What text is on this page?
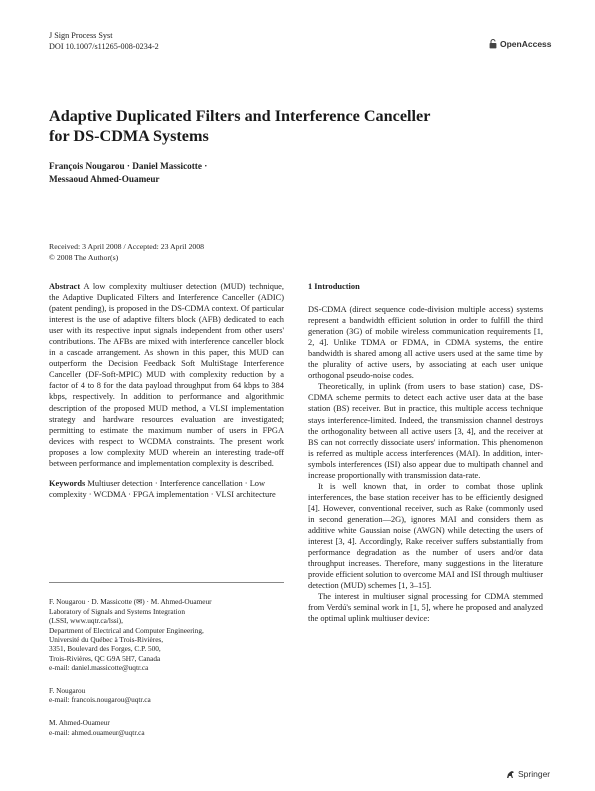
J Sign Process Syst
DOI 10.1007/s11265-008-0234-2	OpenAccess
Adaptive Duplicated Filters and Interference Canceller
for DS-CDMA Systems
François Nougarou · Daniel Massicotte ·
Messaoud Ahmed-Ouameur
Received: 3 April 2008 / Accepted: 23 April 2008
© 2008 The Author(s)

Abstract A low complexity multiuser detection (MUD) technique, the Adaptive Duplicated Filters and Interference Canceller (ADIC) (patent pending), is proposed in the DS-CDMA context. Of particular interest is the use of adaptive filters block (AFB) dedicated to each user with its respective input signals independent from other users' contributions. The AFBs are mixed with interference canceller block in a cascade arrangement. As shown in this paper, this MUD can outperform the Decision Feedback Soft MultiStage Interference Canceller (DF-Soft-MPIC) MUD with complexity reduction by a factor of 4 to 8 for the data payload throughput from 64 kbps to 384 kbps, respectively. In addition to performance and algorithmic description of the proposed MUD method, a VLSI implementation strategy and hardware resources evaluation are investigated; permitting to estimate the maximum number of users in FPGA devices with respect to WCDMA constraints. The present work proposes a low complexity MUD wherein an interesting trade-off between performance and implementation complexity is described.

Keywords Multiuser detection · Interference cancellation · Low complexity · WCDMA · FPGA implementation · VLSI architecture

F. Nougarou · D. Massicotte (✉) · M. Ahmed-Ouameur
Laboratory of Signals and Systems Integration
(LSSI, www.uqtr.ca/lssi),
Department of Electrical and Computer Engineering,
Université du Québec à Trois-Rivières,
3351, Boulevard des Forges, C.P. 500,
Trois-Rivières, QC G9A 5H7, Canada
e-mail: daniel.massicotte@uqtr.ca

F. Nougarou
e-mail: francois.nougarou@uqtr.ca

M. Ahmed-Ouameur
e-mail: ahmed.ouameur@uqtr.ca

1 Introduction

DS-CDMA (direct sequence code-division multiple access) systems represent a bandwidth efficient solution in order to fulfill the third generation (3G) of mobile wireless communication requirements [1, 2, 4]. Unlike TDMA or FDMA, in CDMA systems, the entire bandwidth is shared among all active users used at the same time by the plurality of active users, by associating at each user unique orthogonal pseudo-noise codes.

Theoretically, in uplink (from users to base station) case, DS-CDMA scheme permits to detect each active user data at the base station (BS) receiver. But in practice, this multiple access technique stays interference-limited. Indeed, the transmission channel destroys the orthogonality between all active users [3, 4], and the receiver at BS can not correctly dissociate users' information. This phenomenon is referred as multiple access interferences (MAI). In addition, inter-symbols interferences (ISI) also appear due to multipath channel and increase proportionally with transmission data-rate.

It is well known that, in order to combat those uplink interferences, the base station receiver has to be efficiently designed [4]. However, conventional receiver, such as Rake (commonly used in second generation—2G), ignores MAI and considers them as additive white Gaussian noise (AWGN) while detecting the users of interest [3, 4]. Accordingly, Rake receiver suffers substantially from performance degradation as the number of users and/or data throughput increases. Therefore, many suggestions in the literature provide efficient solution to overcome MAI and ISI through multiuser detection (MUD) schemes [1, 3–15].

The interest in multiuser signal processing for CDMA stemmed from Verdú's seminal work in [1, 5], where he proposed and analyzed the optimal uplink multiuser device:

Springer
